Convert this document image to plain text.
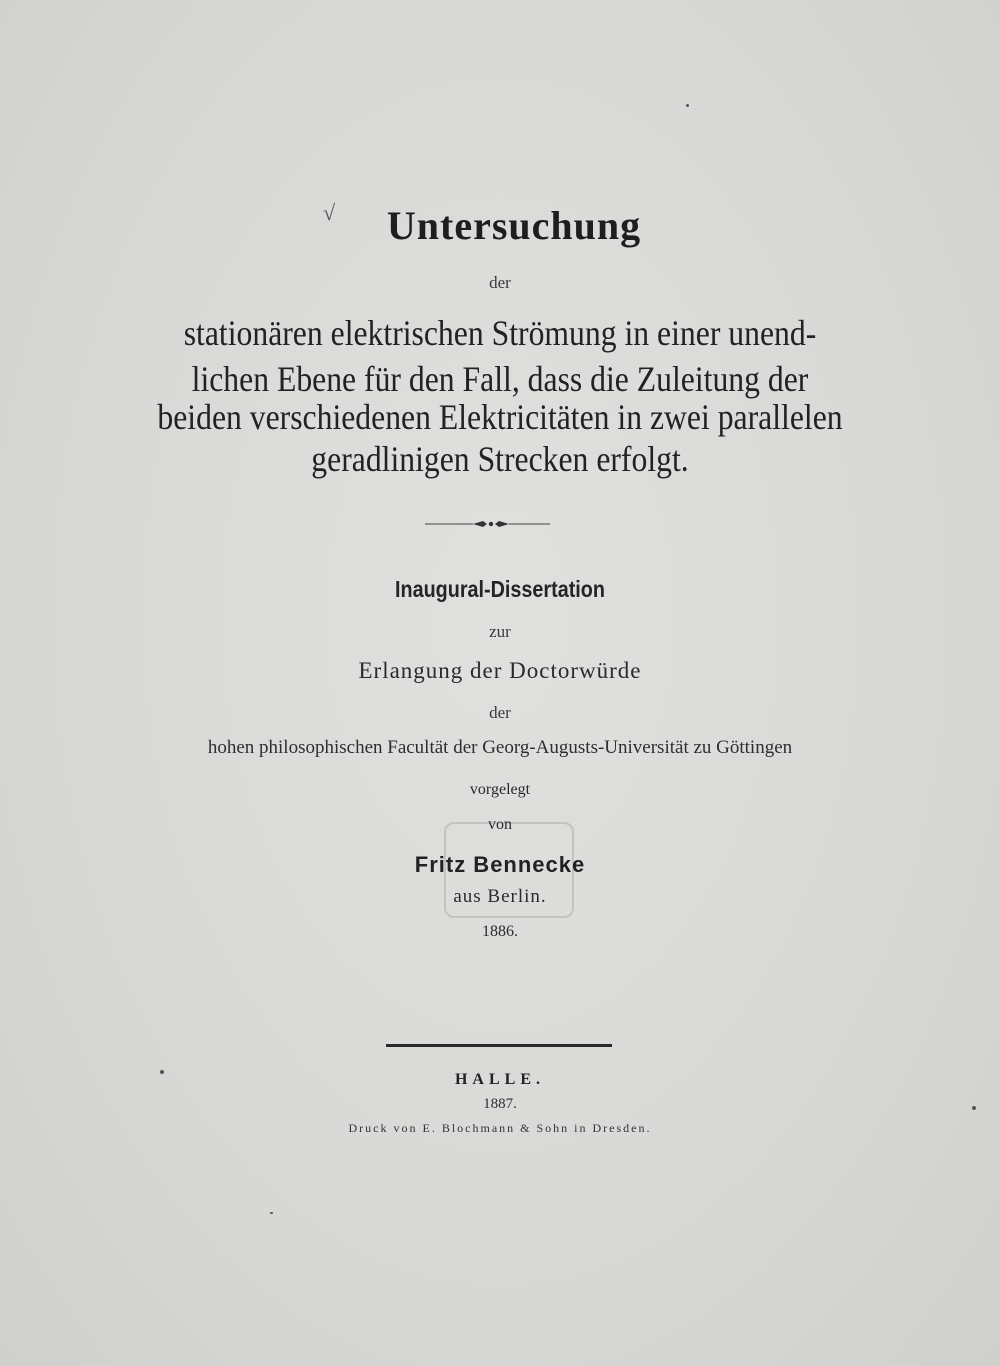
√	Untersuchung
der
stationären elektrischen Strömung in einer unend-
lichen Ebene für den Fall, dass die Zuleitung der
beiden verschiedenen Elektricitäten in zwei parallelen
geradlinigen Strecken erfolgt.
Inaugural-Dissertation
zur
Erlangung der Doctorwürde
der
hohen philosophischen Facultät der Georg-Augusts-Universität zu Göttingen
vorgelegt
von
Fritz Bennecke
aus Berlin.
1886.
HALLE.
1887.
Druck von E. Blochmann & Sohn in Dresden.
